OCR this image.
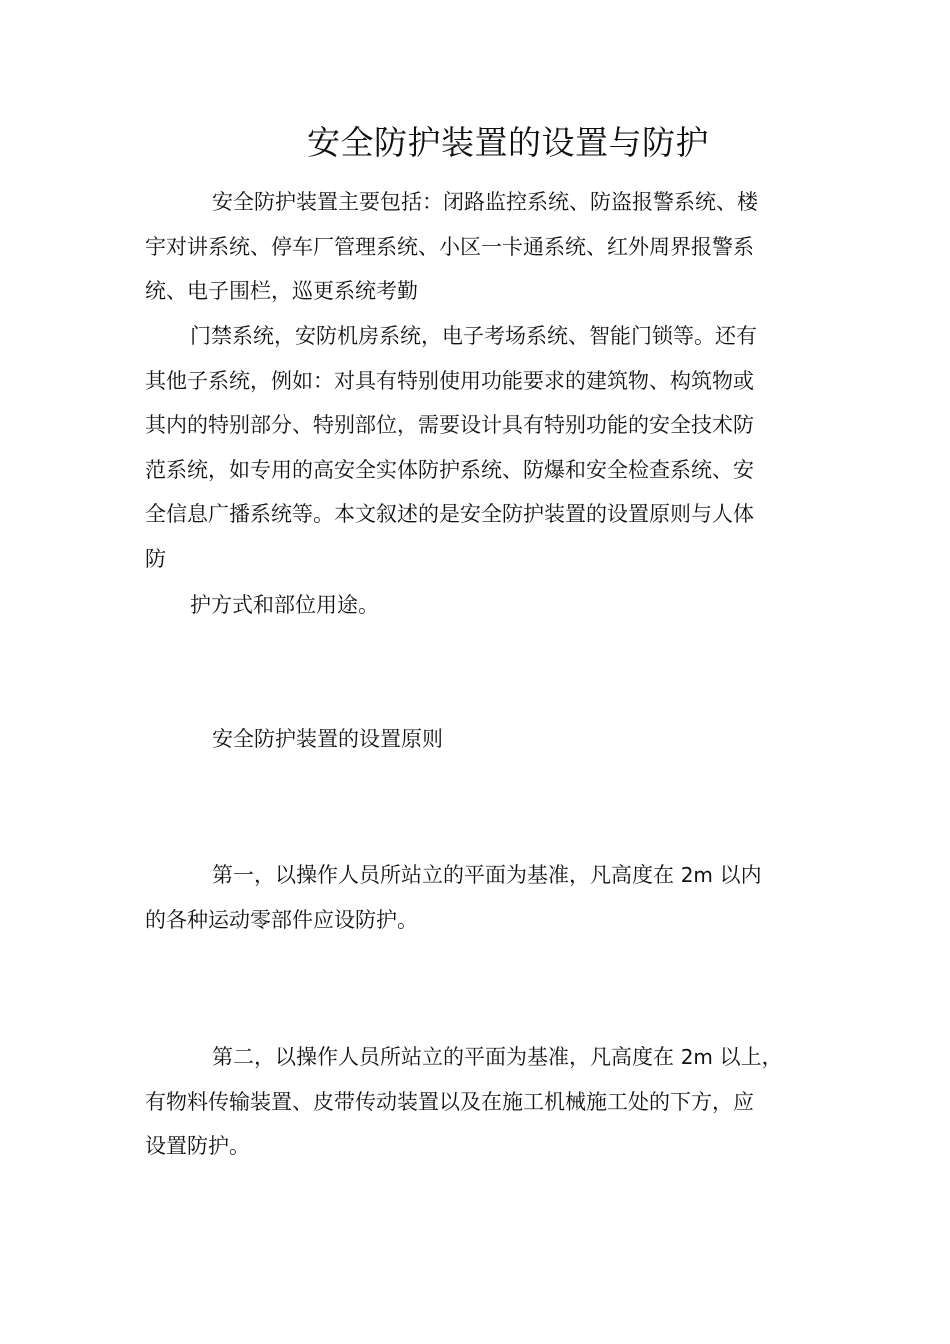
安全防护装置的设置与防护

安全防护装置主要包括：闭路监控系统、防盗报警系统、楼
宇对讲系统、停车厂管理系统、小区一卡通系统、红外周界报警系
统、电子围栏，巡更系统考勤

门禁系统，安防机房系统，电子考场系统、智能门锁等。还有
其他子系统，例如：对具有特别使用功能要求的建筑物、构筑物或
其内的特别部分、特别部位，需要设计具有特别功能的安全技术防
范系统，如专用的高安全实体防护系统、防爆和安全检查系统、安
全信息广播系统等。本文叙述的是安全防护装置的设置原则与人体
防

护方式和部位用途。

安全防护装置的设置原则

第一，以操作人员所站立的平面为基准，凡高度在 2m 以内
的各种运动零部件应设防护。

第二，以操作人员所站立的平面为基准，凡高度在 2m 以上，
有物料传输装置、皮带传动装置以及在施工机械施工处的下方，应
设置防护。
